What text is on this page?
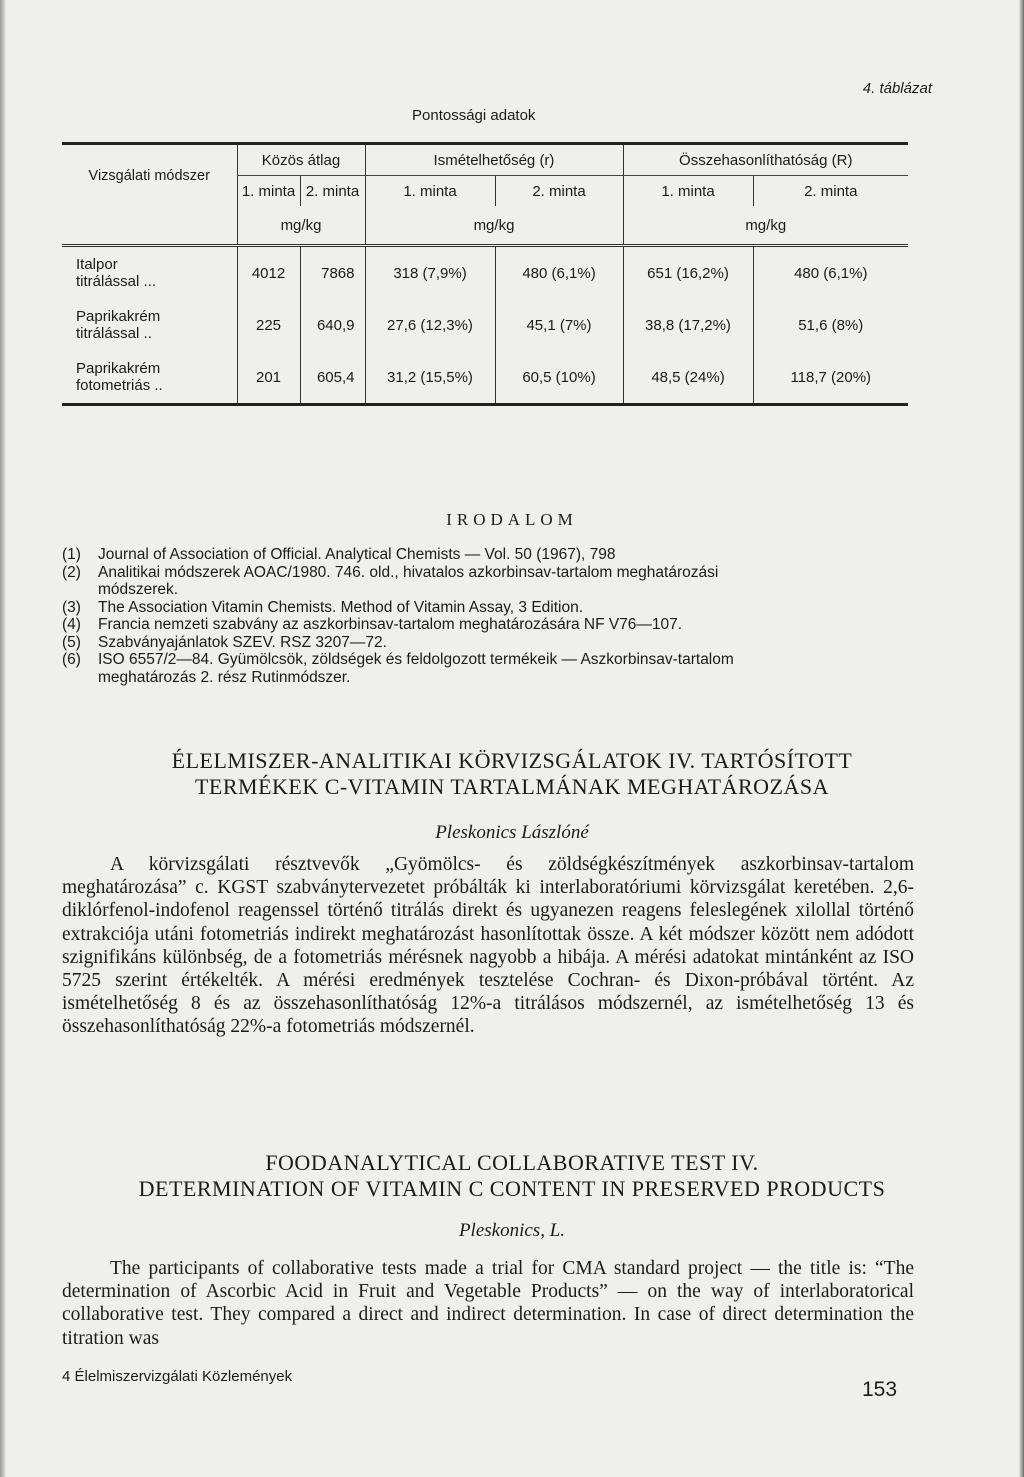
4. táblázat
Pontossági adatok
Vizsgálati módszer	Közös átlag		Ismételhetőség (r)		Összehasonlíthatóság (R)	
	1. minta	2. minta	1. minta	2. minta	1. minta	2. minta
	mg/kg		mg/kg		mg/kg	

Italpor
titrálással ...	4012	7868	318 (7,9%)	480 (6,1%)	651 (16,2%)	480 (6,1%)

Paprikakrém
titrálással ..	225	640,9	27,6 (12,3%)	45,1 (7%)	38,8 (17,2%)	51,6 (8%)

Paprikakrém
fotometriás ..	201	605,4	31,2 (15,5%)	60,5 (10%)	48,5 (24%)	118,7 (20%)
IRODALOM
(1)	Journal of Association of Official. Analytical Chemists — Vol. 50 (1967), 798
(2)	Analitikai módszerek AOAC/1980. 746. old., hivatalos azkorbinsav-tartalom meghatározási
módszerek.
(3)	The Association Vitamin Chemists. Method of Vitamin Assay, 3 Edition.
(4)	Francia nemzeti szabvány az aszkorbinsav-tartalom meghatározására NF V76—107.
(5)	Szabványajánlatok SZEV. RSZ 3207—72.
(6)	ISO 6557/2—84. Gyümölcsök, zöldségek és feldolgozott termékeik — Aszkorbinsav-tartalom
meghatározás 2. rész Rutinmódszer.
ÉLELMISZER-ANALITIKAI KÖRVIZSGÁLATOK IV. TARTÓSÍTOTT
TERMÉKEK C-VITAMIN TARTALMÁNAK MEGHATÁROZÁSA
Pleskonics Lászlóné

A körvizsgálati résztvevők „Gyömölcs- és zöldségkészítmények aszkorbinsav-tartalom meghatározása” c. KGST szabványtervezetet próbálták ki interlaboratóriumi körvizsgálat keretében. 2,6-diklórfenol-indofenol reagenssel történő titrálás direkt és ugyanezen reagens feleslegének xilollal történő extrakciója utáni fotometriás indirekt meghatározást hasonlítottak össze. A két módszer között nem adódott szignifikáns különbség, de a fotometriás mérésnek nagyobb a hibája. A mérési adatokat mintánként az ISO 5725 szerint értékelték. A mérési eredmények tesztelése Cochran- és Dixon-próbával történt. Az ismételhetőség 8 és az összehasonlíthatóság 12%-a titrálásos módszernél, az ismételhetőség 13 és összehasonlíthatóság 22%-a fotometriás módszernél.

FOODANALYTICAL COLLABORATIVE TEST IV.
DETERMINATION OF VITAMIN C CONTENT IN PRESERVED PRODUCTS
Pleskonics, L.

The participants of collaborative tests made a trial for CMA standard project — the title is: “The determination of Ascorbic Acid in Fruit and Vegetable Products” — on the way of interlaboratorical collaborative test. They compared a direct and indirect determination. In case of direct determination the titration was

4 Élelmiszervizgálati Közlemények
153
